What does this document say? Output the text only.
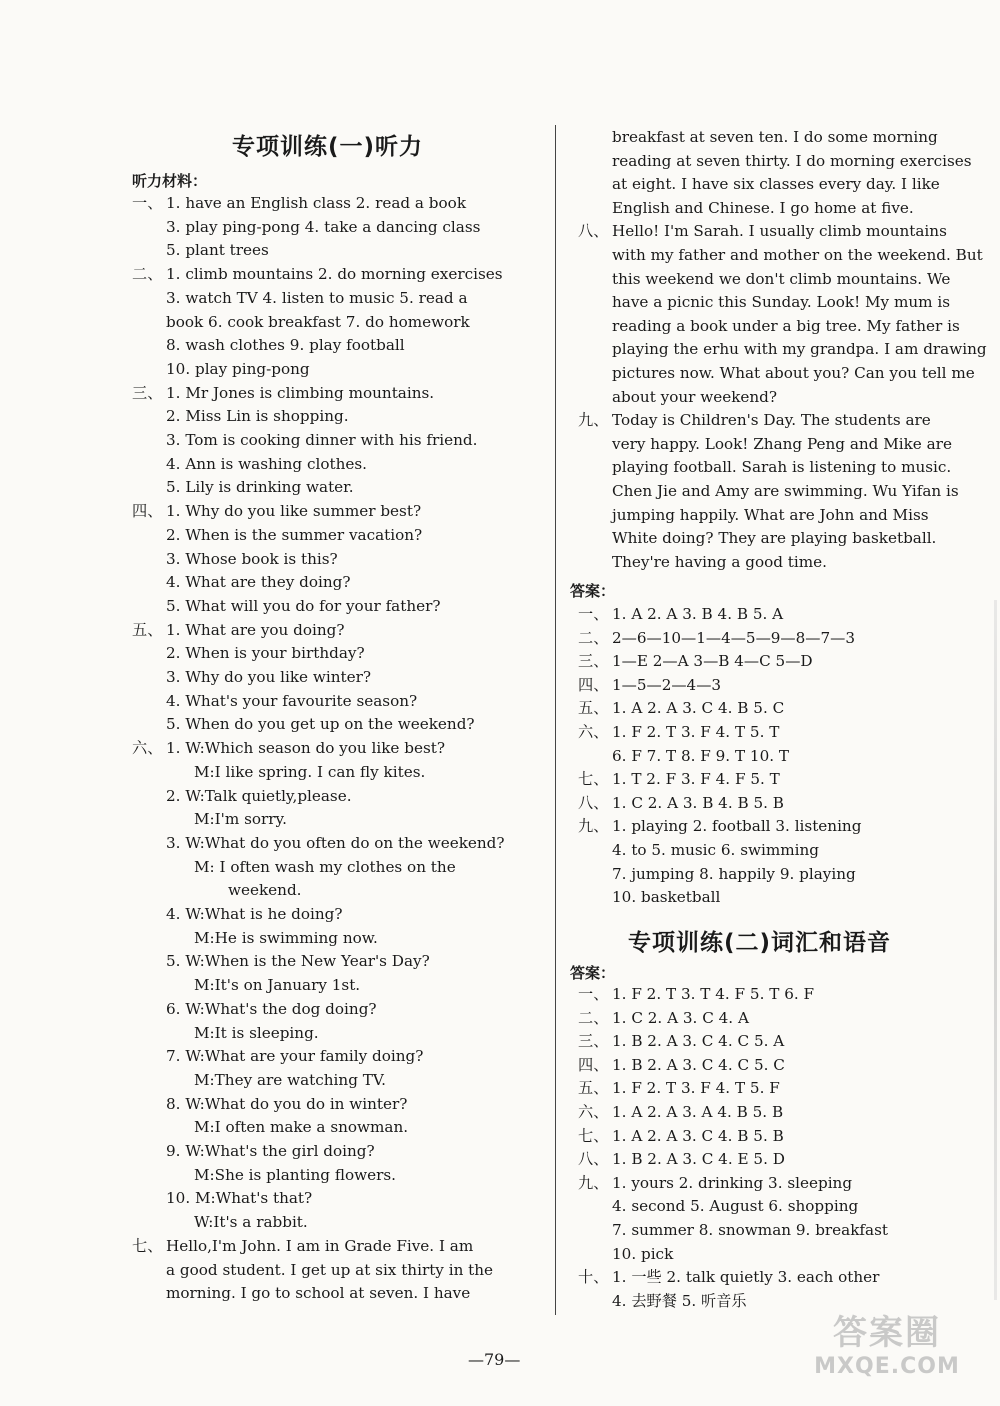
专项训练(一)听力
听力材料：
一、 1. have an English class 2. read a book
3. play ping-pong 4. take a dancing class
5. plant trees
二、 1. climb mountains 2. do morning exercises
3. watch TV 4. listen to music 5. read a
book 6. cook breakfast 7. do homework
8. wash clothes 9. play football
10. play ping-pong
三、 1. Mr Jones is climbing mountains.
2. Miss Lin is shopping.
3. Tom is cooking dinner with his friend.
4. Ann is washing clothes.
5. Lily is drinking water.
四、 1. Why do you like summer best?
2. When is the summer vacation?
3. Whose book is this?
4. What are they doing?
5. What will you do for your father?
五、 1. What are you doing?
2. When is your birthday?
3. Why do you like winter?
4. What's your favourite season?
5. When do you get up on the weekend?
六、 1. W:Which season do you like best?
M:I like spring. I can fly kites.
2. W:Talk quietly,please.
M:I'm sorry.
3. W:What do you often do on the weekend?
M: I often wash my clothes on the
weekend.
4. W:What is he doing?
M:He is swimming now.
5. W:When is the New Year's Day?
M:It's on January 1st.
6. W:What's the dog doing?
M:It is sleeping.
7. W:What are your family doing?
M:They are watching TV.
8. W:What do you do in winter?
M:I often make a snowman.
9. W:What's the girl doing?
M:She is planting flowers.
10. M:What's that?
W:It's a rabbit.
七、 Hello,I'm John. I am in Grade Five. I am
a good student. I get up at six thirty in the
morning. I go to school at seven. I have
breakfast at seven ten. I do some morning
reading at seven thirty. I do morning exercises
at eight. I have six classes every day. I like
English and Chinese. I go home at five.
八、 Hello! I'm Sarah. I usually climb mountains
with my father and mother on the weekend. But
this weekend we don't climb mountains. We
have a picnic this Sunday. Look! My mum is
reading a book under a big tree. My father is
playing the erhu with my grandpa. I am drawing
pictures now. What about you? Can you tell me
about your weekend?
九、 Today is Children's Day. The students are
very happy. Look! Zhang Peng and Mike are
playing football. Sarah is listening to music.
Chen Jie and Amy are swimming. Wu Yifan is
jumping happily. What are John and Miss
White doing? They are playing basketball.
They're having a good time.
答案：
一、 1. A 2. A 3. B 4. B 5. A
二、 2—6—10—1—4—5—9—8—7—3
三、 1—E 2—A 3—B 4—C 5—D
四、 1—5—2—4—3
五、 1. A 2. A 3. C 4. B 5. C
六、 1. F 2. T 3. F 4. T 5. T
6. F 7. T 8. F 9. T 10. T
七、 1. T 2. F 3. F 4. F 5. T
八、 1. C 2. A 3. B 4. B 5. B
九、 1. playing 2. football 3. listening
4. to 5. music 6. swimming
7. jumping 8. happily 9. playing
10. basketball
专项训练(二)词汇和语音
答案：
一、 1. F 2. T 3. T 4. F 5. T 6. F
二、 1. C 2. A 3. C 4. A
三、 1. B 2. A 3. C 4. C 5. A
四、 1. B 2. A 3. C 4. C 5. C
五、 1. F 2. T 3. F 4. T 5. F
六、 1. A 2. A 3. A 4. B 5. B
七、 1. A 2. A 3. C 4. B 5. B
八、 1. B 2. A 3. C 4. E 5. D
九、 1. yours 2. drinking 3. sleeping
4. second 5. August 6. shopping
7. summer 8. snowman 9. breakfast
10. pick
十、 1. 一些 2. talk quietly 3. each other
4. 去野餐 5. 听音乐
—79—
答案圈
MXQE.COM
